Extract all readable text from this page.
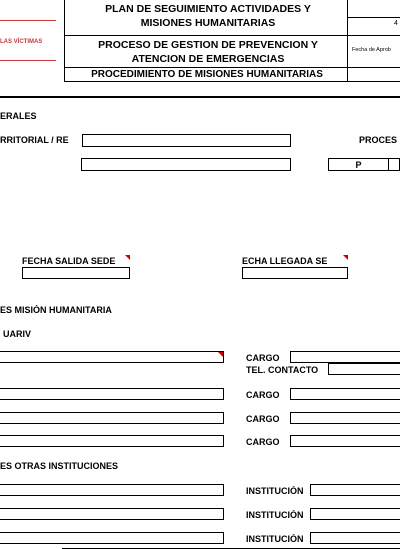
LAS VÍCTIMAS
PLAN DE SEGUIMIENTO ACTIVIDADES Y MISIONES HUMANITARIAS
PROCESO DE GESTION DE PREVENCION Y ATENCION DE EMERGENCIAS
PROCEDIMIENTO DE MISIONES HUMANITARIAS
4
Fecha de Aprob
ERALES
RRITORIAL / RE	PROCES
P
FECHA SALIDA SEDE	ECHA LLEGADA SE
ES MISIÓN HUMANITARIA
UARIV
CARGO
TEL. CONTACTO
CARGO
CARGO
CARGO
ES OTRAS INSTITUCIONES
INSTITUCIÓN
INSTITUCIÓN
INSTITUCIÓN
